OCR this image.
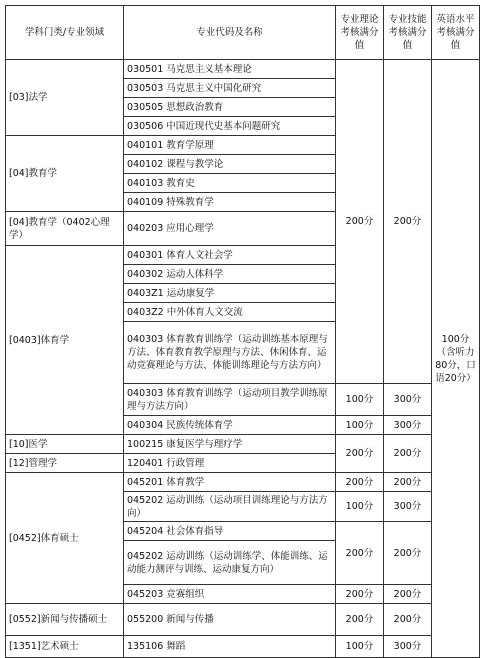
学科门类/专业领域	专业代码及名称	专业理论考核满分值	专业技能考核满分值	英语水平考核满分值
[03]法学	030501 马克思主义基本理论	200分	200分	100分（含听力80分，口语20分）
	030503 马克思主义中国化研究			
	030505 思想政治教育			
	030506 中国近现代史基本问题研究			
[04]教育学	040101 教育学原理			
	040102 课程与教学论			
	040103 教育史			
	040109 特殊教育学			
[04]教育学（0402心理学）	040203 应用心理学			
[0403]体育学	040301 体育人文社会学			
	040302 运动人体科学			
	0403Z1 运动康复学			
	0403Z2 中外体育人文交流			
	040303 体育教育训练学（运动训练基本原理与方法、体育教育教学原理与方法、休闲体育、运动竞赛理论与方法、体能训练理论与方法方向）			
	040303 体育教育训练学（运动项目教学训练原理与方法方向）	100分	300分	
	040304 民族传统体育学	100分	300分	
[10]医学	100215 康复医学与理疗学	200分	200分	
[12]管理学	120401 行政管理			
[0452]体育硕士	045201 体育教学	200分	200分	
	045202 运动训练（运动项目训练理论与方法方向）	100分	300分	
	045204 社会体育指导	200分	200分	
	045202 运动训练（运动训练学、体能训练、运动能力测评与训练、运动康复方向）			
	045203 竞赛组织	200分	200分	
[0552]新闻与传播硕士	055200 新闻与传播	200分	200分	
[1351]艺术硕士	135106 舞蹈	100分	300分	
